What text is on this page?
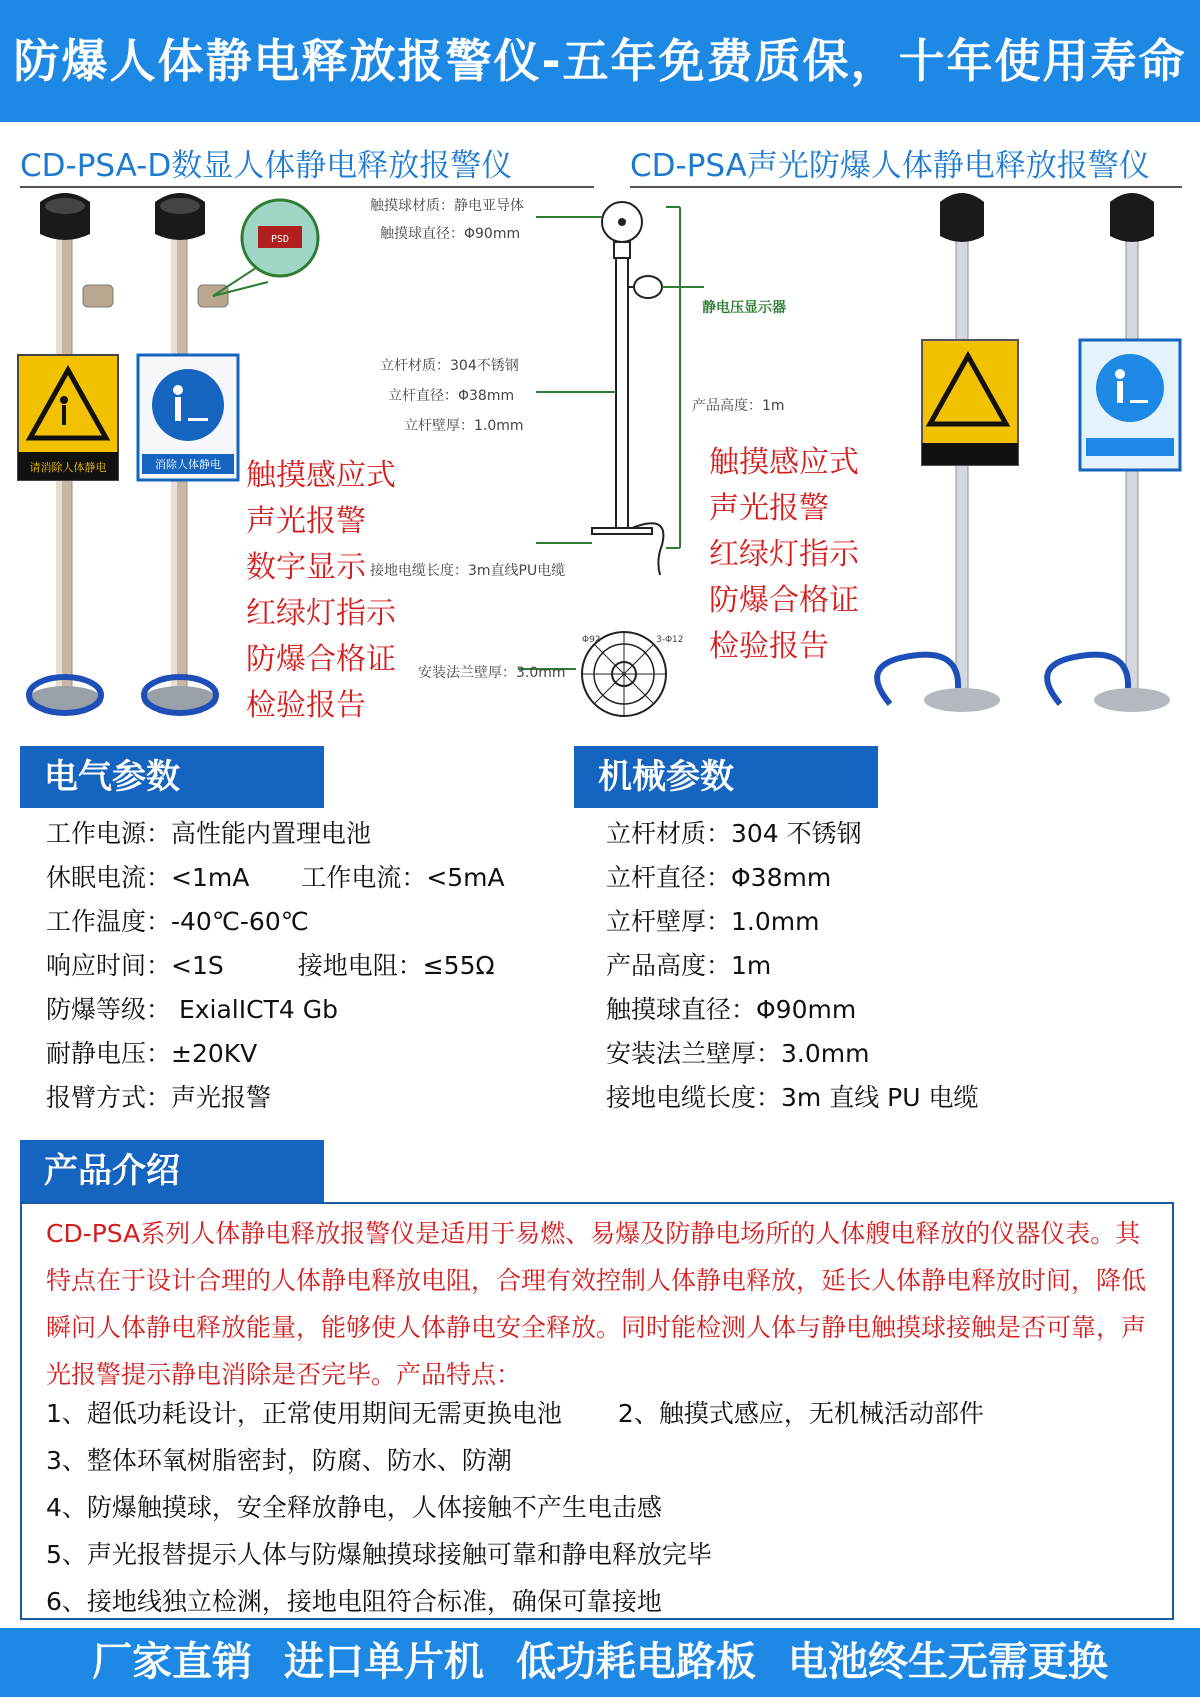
防爆人体静电释放报警仪-五年免费质保，十年使用寿命
CD-PSA-D数显人体静电释放报警仪	CD-PSA声光防爆人体静电释放报警仪
请消除人体静电	消除人体静电
PSD
触摸球材质：静电亚导体
触摸球直径：Φ90mm
静电压显示器
立杆材质：304不锈钢
立杆直径：Φ38mm
立杆壁厚：1.0mm
产品高度：1m
接地电缆长度：3m直线PU电缆
安装法兰壁厚：3.0mm
Φ92	3-Φ12
触摸感应式
声光报警
数字显示
红绿灯指示
防爆合格证
检验报告
触摸感应式
声光报警
红绿灯指示
防爆合格证
检验报告
电气参数
工作电源：高性能内置理电池
休眠电流：<1mA 工作电流：<5mA
工作温度：-40℃-60℃
响应时间：<1S	接地电阻：≤55Ω
防爆等级： ExialICT4 Gb
耐静电压：±20KV
报臂方式：声光报警
机械参数
立杆材质：304 不锈钢
立杆直径：Φ38mm
立杆壁厚：1.0mm
产品高度：1m
触摸球直径：Φ90mm
安装法兰壁厚：3.0mm
接地电缆长度：3m 直线 PU 电缆
产品介绍
CD-PSA系列人体静电释放报警仪是适用于易燃、易爆及防静电场所的人体艘电释放的仪器仪表。其特点在于设计合理的人体静电释放电阻，合理有效控制人体静电释放，延长人体静电释放时间，降低瞬问人体静电释放能量，能够使人体静电安全释放。同时能检测人体与静电触摸球接触是否可靠，声光报警提示静电消除是否完毕。产品特点：
1、超低功耗设计，正常使用期间无需更换电池 2、触摸式感应，无机械活动部件
3、整体环氧树脂密封，防腐、防水、防潮
4、防爆触摸球，安全释放静电，人体接触不产生电击感
5、声光报替提示人体与防爆触摸球接触可靠和静电释放完毕
6、接地线独立检渊，接地电阻符合标准，确保可靠接地
厂家直销 进口单片机 低功耗电路板 电池终生无需更换
